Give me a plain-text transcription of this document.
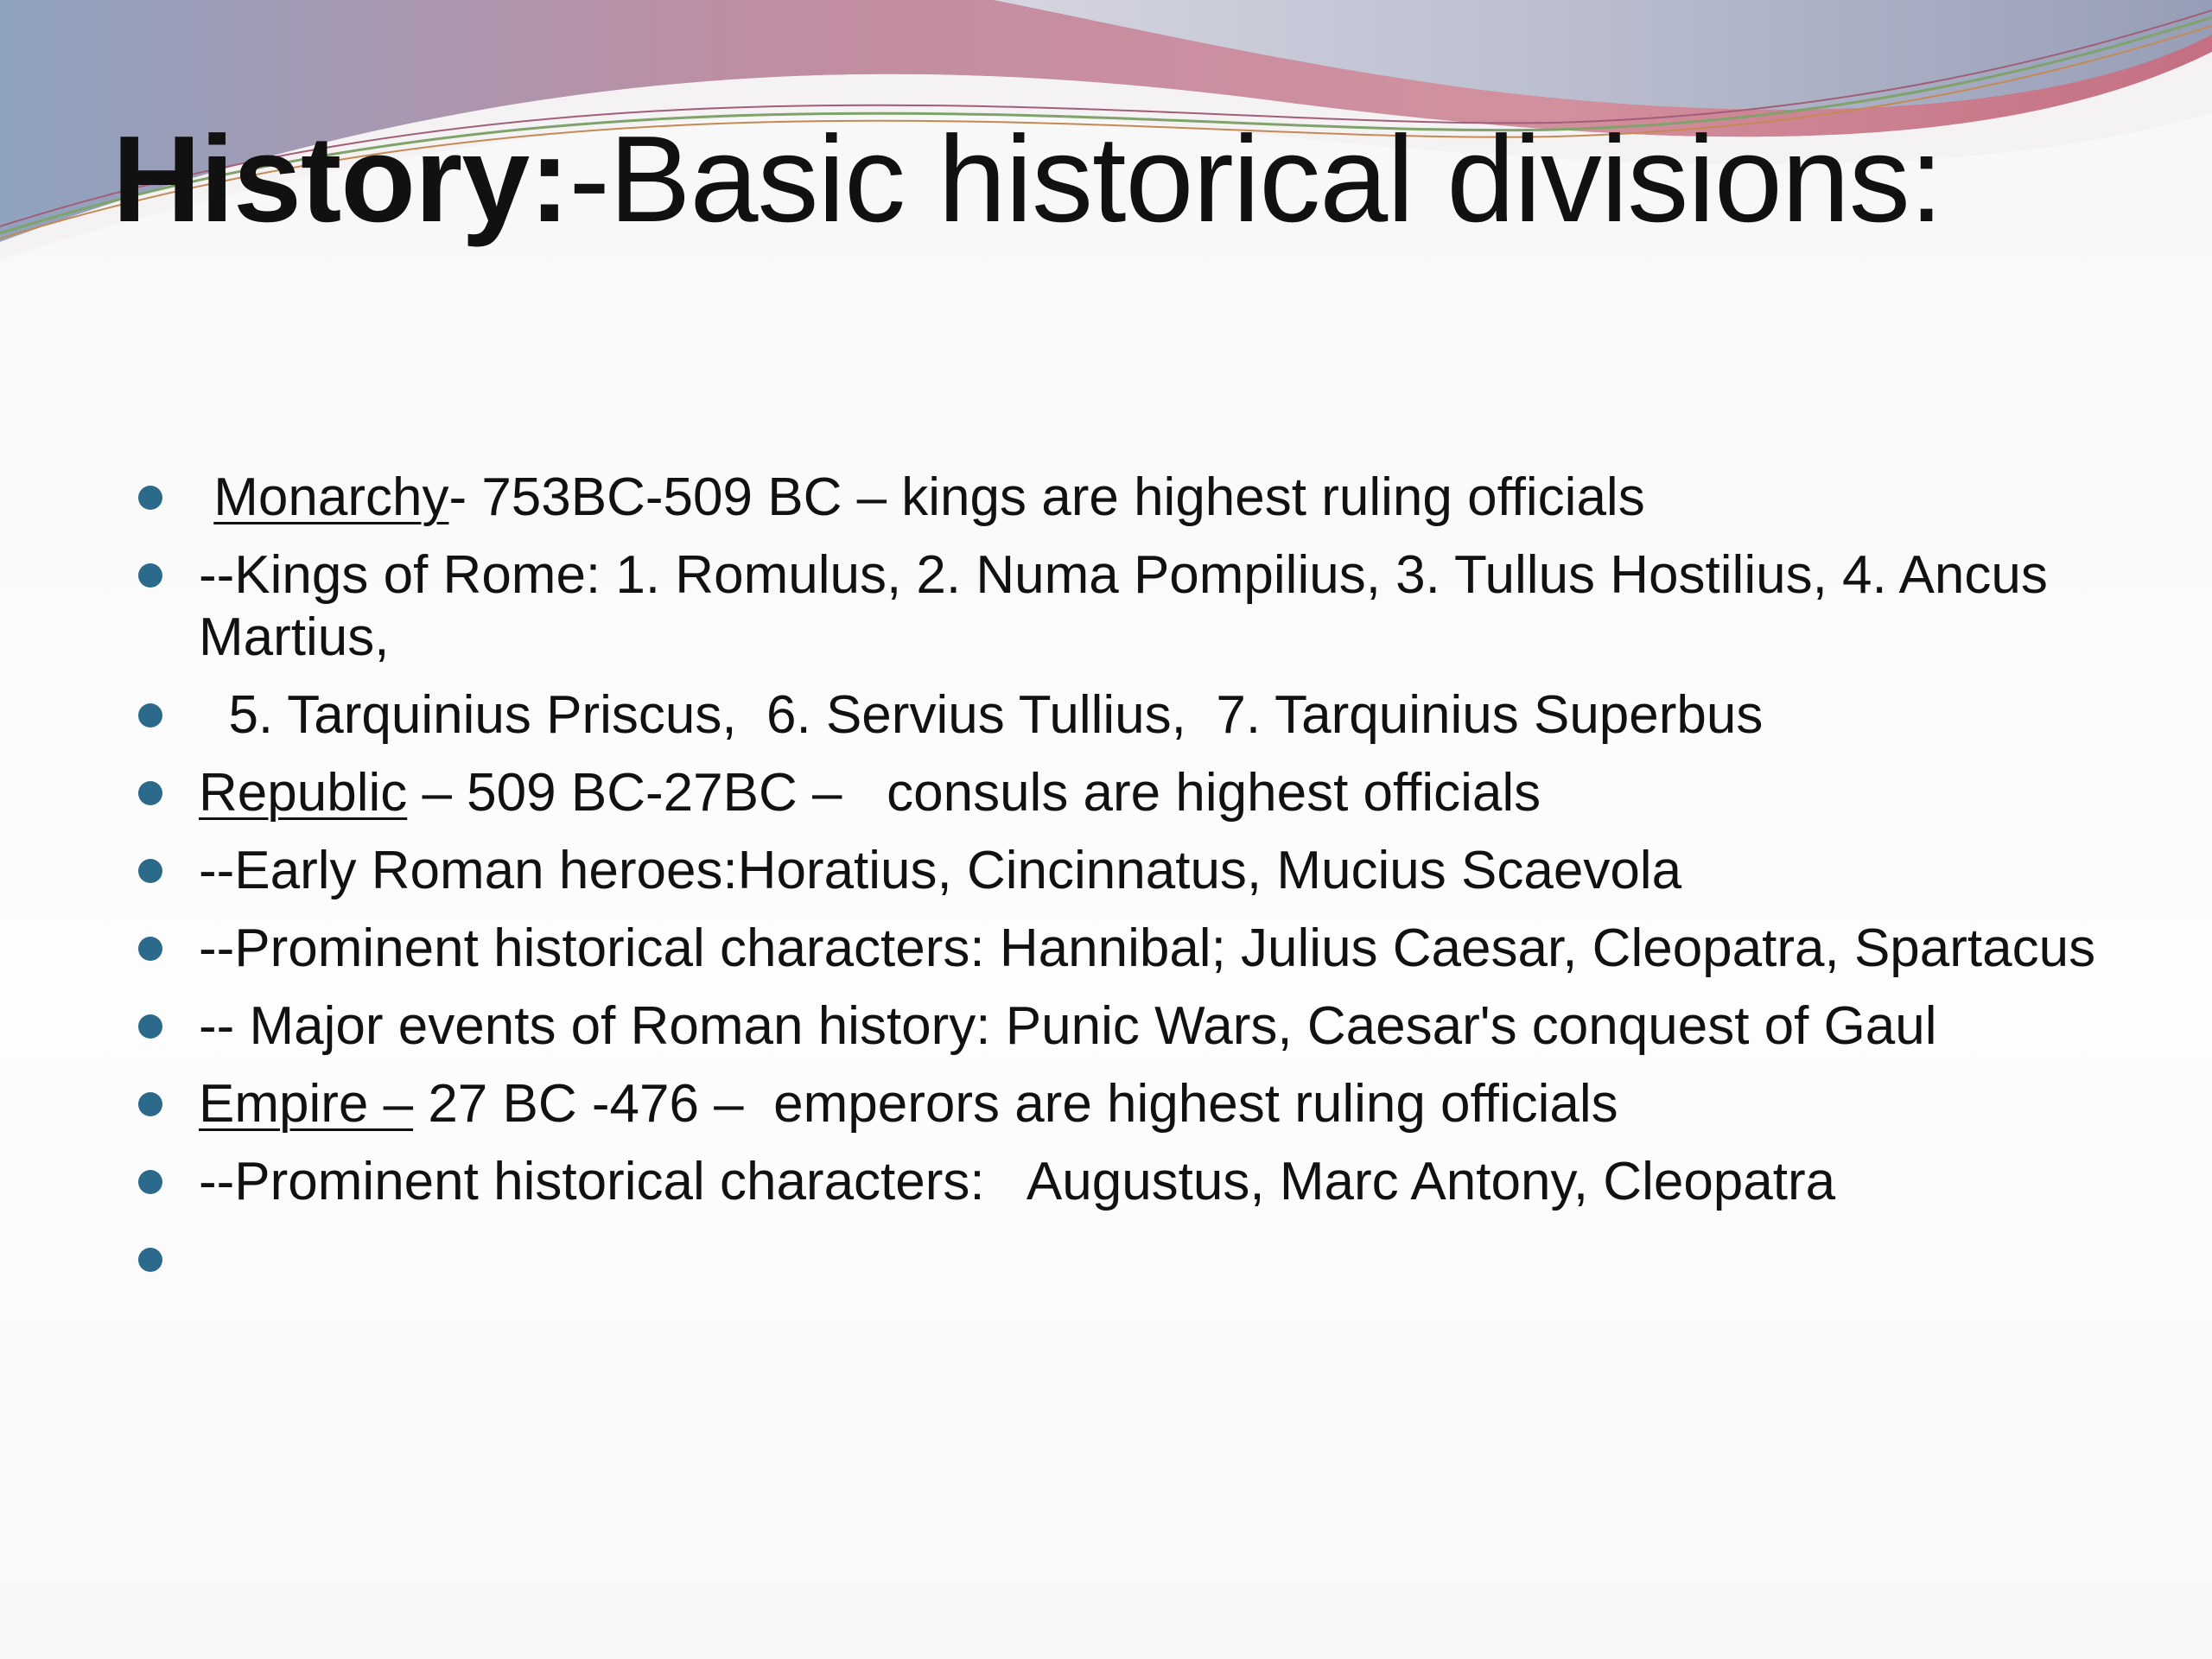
History:-Basic historical divisions:
Monarchy- 753BC-509 BC – kings are highest ruling officials
--Kings of Rome: 1. Romulus, 2. Numa Pompilius, 3. Tullus Hostilius, 4. Ancus Martius,
5. Tarquinius Priscus,  6. Servius Tullius,  7. Tarquinius Superbus
Republic – 509 BC-27BC –   consuls are highest officials
--Early Roman heroes:Horatius, Cincinnatus, Mucius Scaevola
--Prominent historical characters: Hannibal; Julius Caesar, Cleopatra, Spartacus
-- Major events of Roman history: Punic Wars, Caesar's conquest of Gaul
Empire – 27 BC -476 –  emperors are highest ruling officials
--Prominent historical characters:   Augustus, Marc Antony, Cleopatra
